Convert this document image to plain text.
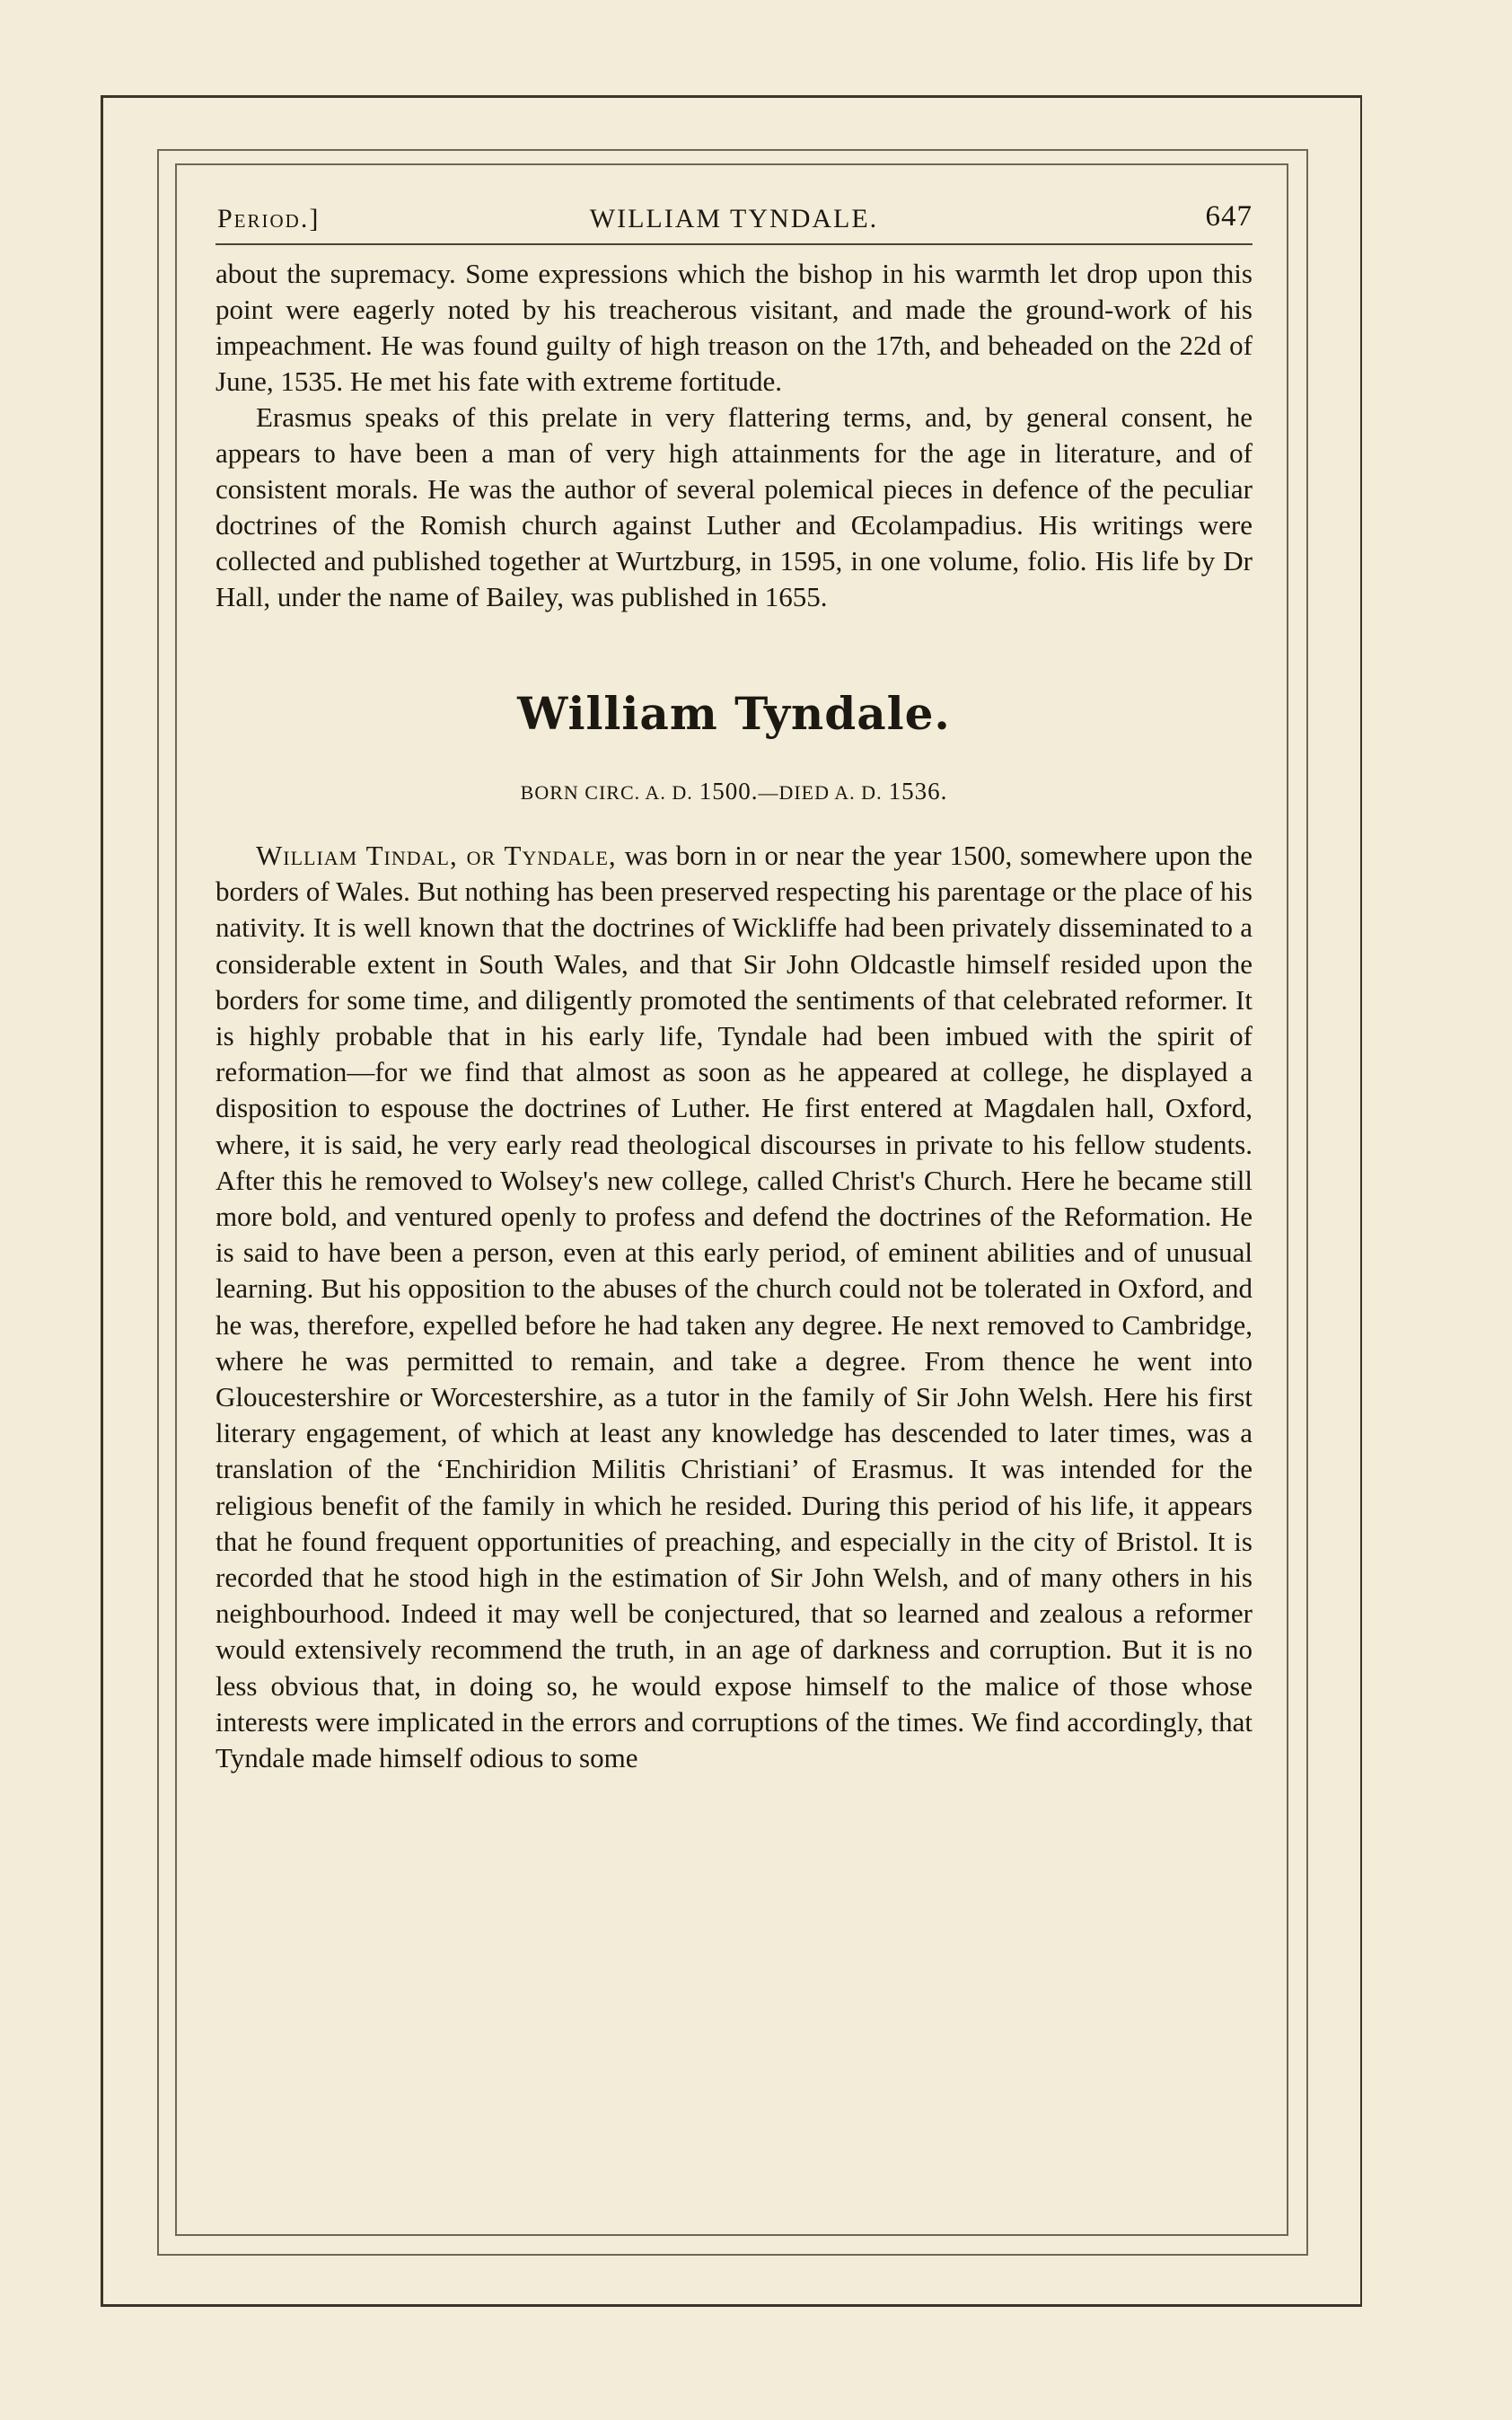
Period.]	WILLIAM TYNDALE.	647

about the supremacy. Some expressions which the bishop in his warmth let drop upon this point were eagerly noted by his treacherous visitant, and made the ground-work of his impeachment. He was found guilty of high treason on the 17th, and beheaded on the 22d of June, 1535. He met his fate with extreme fortitude.

Erasmus speaks of this prelate in very flattering terms, and, by general consent, he appears to have been a man of very high attainments for the age in literature, and of consistent morals. He was the author of several polemical pieces in defence of the peculiar doctrines of the Romish church against Luther and Œcolampadius. His writings were collected and published together at Wurtzburg, in 1595, in one volume, folio. His life by Dr Hall, under the name of Bailey, was published in 1655.

William Tyndale.
BORN CIRC. A. D. 1500.—DIED A. D. 1536.

William Tindal, or Tyndale, was born in or near the year 1500, somewhere upon the borders of Wales. But nothing has been preserved respecting his parentage or the place of his nativity. It is well known that the doctrines of Wickliffe had been privately disseminated to a considerable extent in South Wales, and that Sir John Oldcastle himself resided upon the borders for some time, and diligently promoted the sentiments of that celebrated reformer. It is highly probable that in his early life, Tyndale had been imbued with the spirit of reformation—for we find that almost as soon as he appeared at college, he displayed a disposition to espouse the doctrines of Luther. He first entered at Magdalen hall, Oxford, where, it is said, he very early read theological discourses in private to his fellow students. After this he removed to Wolsey's new college, called Christ's Church. Here he became still more bold, and ventured openly to profess and defend the doctrines of the Reformation. He is said to have been a person, even at this early period, of eminent abilities and of unusual learning. But his opposition to the abuses of the church could not be tolerated in Oxford, and he was, therefore, expelled before he had taken any degree. He next removed to Cambridge, where he was permitted to remain, and take a degree. From thence he went into Gloucestershire or Worcestershire, as a tutor in the family of Sir John Welsh. Here his first literary engagement, of which at least any knowledge has descended to later times, was a translation of the ‘Enchiridion Militis Christiani’ of Erasmus. It was intended for the religious benefit of the family in which he resided. During this period of his life, it appears that he found frequent opportunities of preaching, and especially in the city of Bristol. It is recorded that he stood high in the estimation of Sir John Welsh, and of many others in his neighbourhood. Indeed it may well be conjectured, that so learned and zealous a reformer would extensively recommend the truth, in an age of darkness and corruption. But it is no less obvious that, in doing so, he would expose himself to the malice of those whose interests were implicated in the errors and corruptions of the times. We find accordingly, that Tyndale made himself odious to some
